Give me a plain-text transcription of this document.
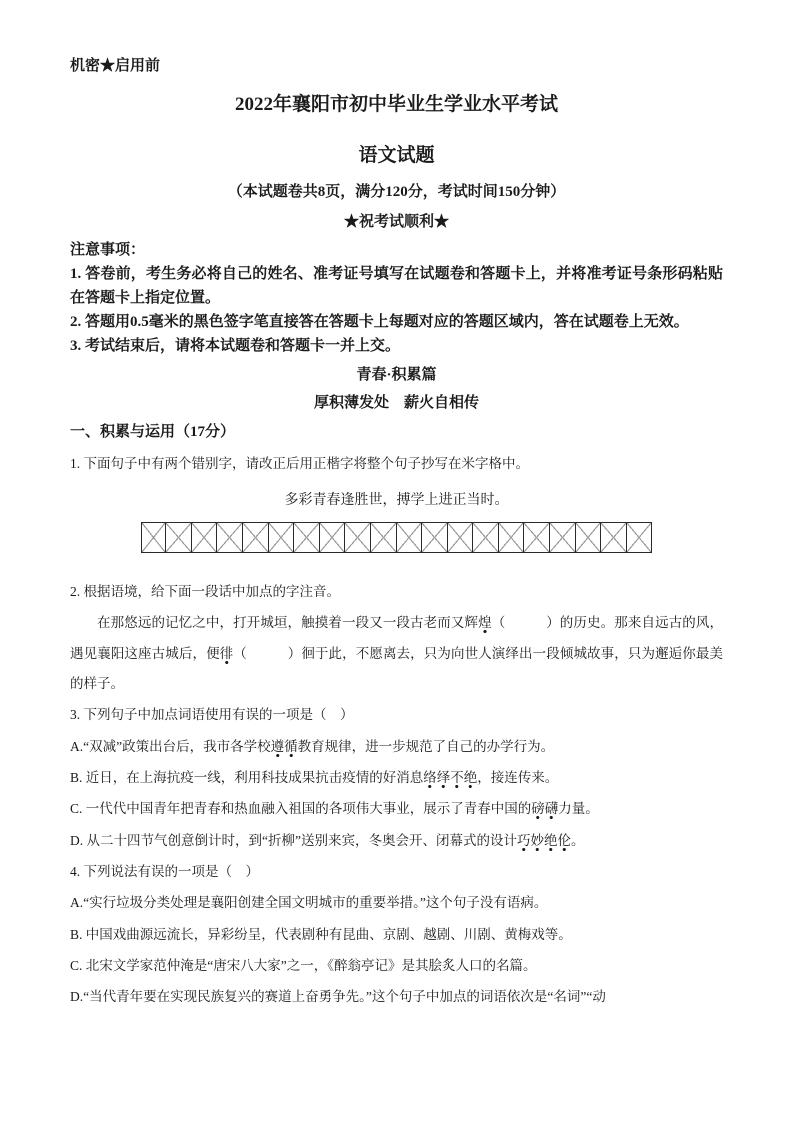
机密★启用前
2022年襄阳市初中毕业生学业水平考试
语文试题
（本试题卷共8页，满分120分，考试时间150分钟）
★祝考试顺利★
注意事项：

1. 答卷前，考生务必将自己的姓名、准考证号填写在试题卷和答题卡上，并将准考证号条形码粘贴在答题卡上指定位置。

2. 答题用0.5毫米的黑色签字笔直接答在答题卡上每题对应的答题区域内，答在试题卷上无效。

3. 考试结束后，请将本试题卷和答题卡一并上交。

青春·积累篇
厚积薄发处　薪火自相传
一、积累与运用（17分）

1. 下面句子中有两个错别字，请改正后用正楷字将整个句子抄写在米字格中。

多彩青春逢胜世，搏学上进正当时。

2. 根据语境，给下面一段话中加点的字注音。

在那悠远的记忆之中，打开城垣，触摸着一段又一段古老而又辉煌（　　　）的历史。那来自远古的风，遇见襄阳这座古城后，便徘（　　　）徊于此，不愿离去，只为向世人演绎出一段倾城故事，只为邂逅你最美的样子。

3. 下列句子中加点词语使用有误的一项是（　）

A.“双减”政策出台后，我市各学校遵循教育规律，进一步规范了自己的办学行为。

B. 近日，在上海抗疫一线，利用科技成果抗击疫情的好消息络绎不绝，接连传来。

C. 一代代中国青年把青春和热血融入祖国的各项伟大事业，展示了青春中国的磅礴力量。

D. 从二十四节气创意倒计时，到“折柳”送别来宾，冬奥会开、闭幕式的设计巧妙绝伦。

4. 下列说法有误的一项是（　）

A.“实行垃圾分类处理是襄阳创建全国文明城市的重要举措。”这个句子没有语病。

B. 中国戏曲源远流长，异彩纷呈，代表剧种有昆曲、京剧、越剧、川剧、黄梅戏等。

C. 北宋文学家范仲淹是“唐宋八大家”之一，《醉翁亭记》是其脍炙人口的名篇。

D.“当代青年要在实现民族复兴的赛道上奋勇争先。”这个句子中加点的词语依次是“名词”“动
